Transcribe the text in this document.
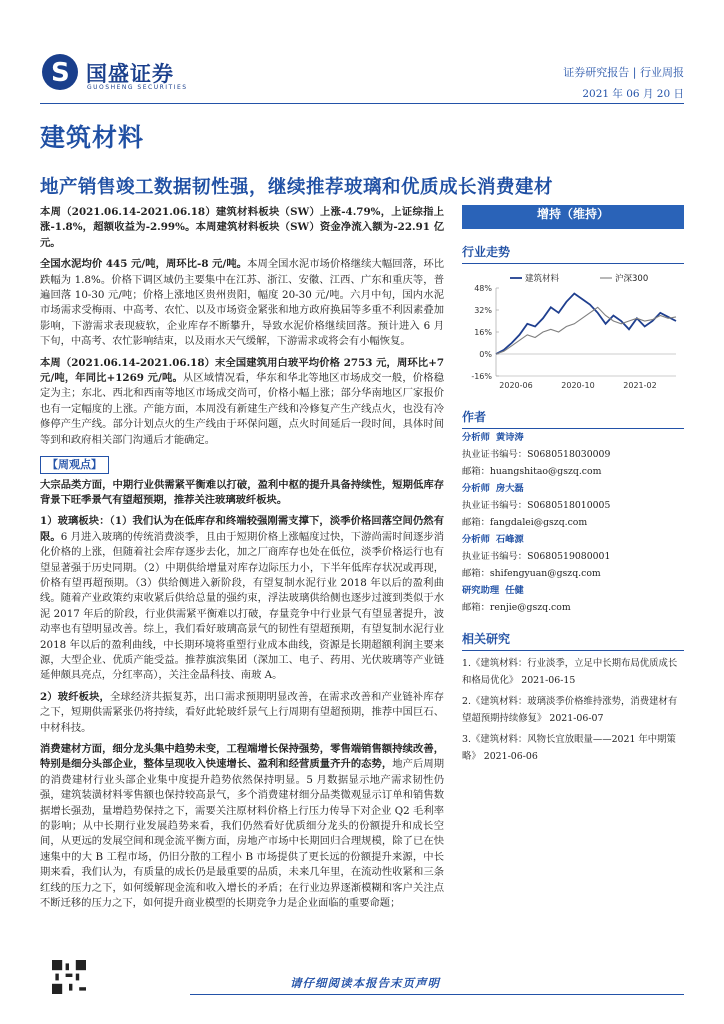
S 国盛证券
GUOSHENG SECURITIES
证券研究报告 | 行业周报
2021 年 06 月 20 日
建筑材料
地产销售竣工数据韧性强，继续推荐玻璃和优质成长消费建材

本周（2021.06.14-2021.06.18）建筑材料板块（SW）上涨-4.79%，上证综指上涨-1.8%，超额收益为-2.99%。本周建筑材料板块（SW）资金净流入额为-22.91 亿元。

全国水泥均价 445 元/吨，周环比-8 元/吨。本周全国水泥市场价格继续大幅回落，环比跌幅为 1.8%。价格下调区域仍主要集中在江苏、浙江、安徽、江西、广东和重庆等，普遍回落 10-30 元/吨；价格上涨地区贵州贵阳，幅度 20-30 元/吨。六月中旬，国内水泥市场需求受梅雨、中高考、农忙、以及市场资金紧张和地方政府换届等多重不利因素叠加影响，下游需求表现疲软，企业库存不断攀升，导致水泥价格继续回落。预计进入 6 月下旬，中高考、农忙影响结束，以及雨水天气缓解，下游需求或将会有小幅恢复。

本周（2021.06.14-2021.06.18）末全国建筑用白玻平均价格 2753 元，周环比+7 元/吨，年同比+1269 元/吨。从区域情况看，华东和华北等地区市场成交一般，价格稳定为主；东北、西北和西南等地区市场成交尚可，价格小幅上涨；部分华南地区厂家报价也有一定幅度的上涨。产能方面，本周没有新建生产线和冷修复产生产线点火，也没有冷修停产生产线。部分计划点火的生产线由于环保问题，点火时间延后一段时间，具体时间等到和政府相关部门沟通后才能确定。

【周观点】

大宗品类方面，中期行业供需紧平衡难以打破，盈利中枢的提升具备持续性，短期低库存背景下旺季景气有望超预期，推荐关注玻璃玻纤板块。

1）玻璃板块：（1）我们认为在低库存和终端较强刚需支撑下，淡季价格回落空间仍然有限。6 月进入玻璃的传统消费淡季，且由于短期价格上涨幅度过快，下游尚需时间逐步消化价格的上涨，但随着社会库存逐步去化，加之厂商库存也处在低位，淡季价格运行也有望显著强于历史同期。（2）中期供给增量对库存边际压力小，下半年低库存状况或再现，价格有望再超预期。（3）供给侧进入新阶段，有望复制水泥行业 2018 年以后的盈利曲线。随着产业政策约束收紧后供给总量的强约束，浮法玻璃供给侧也逐步过渡到类似于水泥 2017 年后的阶段，行业供需紧平衡难以打破，存量竞争中行业景气有望显著提升，波动率也有望明显改善。综上，我们看好玻璃高景气的韧性有望超预期，有望复制水泥行业 2018 年以后的盈利曲线，中长期环境将重塑行业成本曲线，资源是长期超额利润主要来源，大型企业、优质产能受益。推荐旗滨集团（深加工、电子、药用、光伏玻璃等产业链延伸颇具亮点，分红率高），关注金晶科技、南玻 A。

2）玻纤板块，全球经济共振复苏，出口需求预期明显改善，在需求改善和产业链补库存之下，短期供需紧张仍将持续，看好此轮玻纤景气上行周期有望超预期，推荐中国巨石、中材科技。

消费建材方面，细分龙头集中趋势未变，工程端增长保持强势，零售端销售额持续改善，特别是细分头部企业，整体呈现收入快速增长、盈利和经营质量齐升的态势，地产后周期的消费建材行业头部企业集中度提升趋势依然保持明显。5 月数据显示地产需求韧性仍强，建筑装潢材料零售额也保持较高景气，多个消费建材细分品类微观显示订单和销售数据增长强劲，量增趋势保持之下，需要关注原材料价格上行压力传导下对企业 Q2 毛利率的影响；从中长期行业发展趋势来看，我们仍然看好优质细分龙头的份额提升和成长空间，从更远的发展空间和现金流平衡方面，房地产市场中长期回归合理规模，除了已在快速集中的大 B 工程市场，仍旧分散的工程小 B 市场提供了更长远的份额提升来源，中长期来看，我们认为，有质量的成长仍是最重要的品质，未来几年里，在流动性收紧和三条红线的压力之下，如何缓解现金流和收入增长的矛盾；在行业边界逐渐模糊和客户关注点不断迁移的压力之下，如何提升商业模型的长期竞争力是企业面临的重要命题；

增持（维持）
行业走势
48%
32%
16%
0%
-16%
2020-06	2020-10	2021-02
建筑材料	沪深300
作者
分析师 黄诗涛
执业证书编号：S0680518030009
邮箱：huangshitao@gszq.com
分析师 房大磊
执业证书编号：S0680518010005
邮箱：fangdalei@gszq.com
分析师 石峰源
执业证书编号：S0680519080001
邮箱：shifengyuan@gszq.com
研究助理 任健
邮箱：renjie@gszq.com
相关研究
1.《建筑材料：行业淡季，立足中长期布局优质成长和格局优化》 2021-06-15
2.《建筑材料：玻璃淡季价格维持涨势，消费建材有望超预期持续修复》 2021-06-07
3.《建筑材料：风物长宜放眼量——2021 年中期策略》 2021-06-06
请仔细阅读本报告末页声明
